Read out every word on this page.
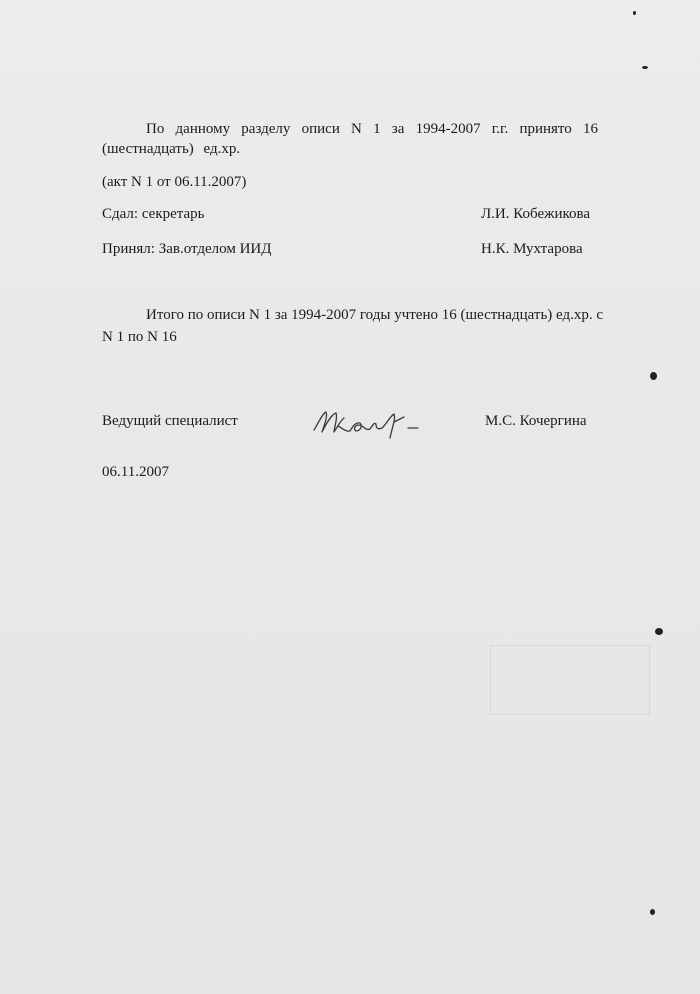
По данному разделу описи N 1 за 1994-2007 г.г. принято 16 (шестнадцать) ед.хр.
(акт N 1 от 06.11.2007)
Сдал: секретарь	Л.И. Кобежикова
Принял: Зав.отделом ИИД	Н.К. Мухтарова
Итого по описи N 1 за 1994-2007 годы учтено 16 (шестнадцать) ед.хр. с N 1 по N 16
Ведущий специалист	М.С. Кочергина
06.11.2007
